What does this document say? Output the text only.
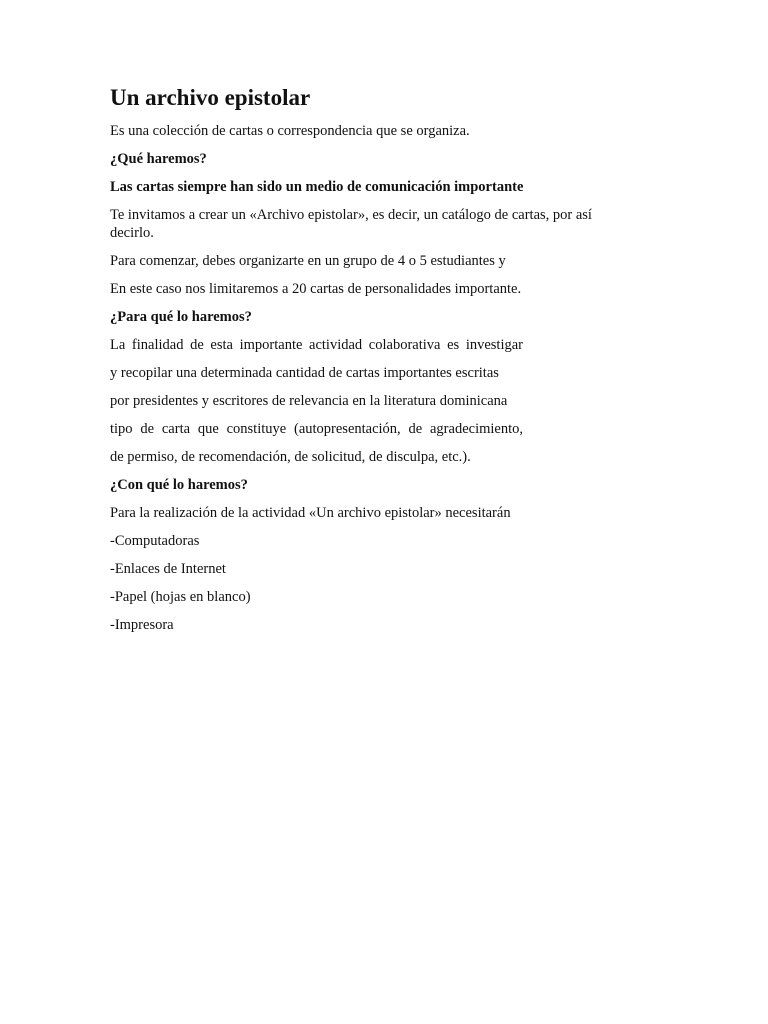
Un archivo epistolar

Es una colección de cartas o correspondencia que se organiza.

¿Qué haremos?

Las cartas siempre han sido un medio de comunicación importante

Te invitamos a crear un «Archivo epistolar», es decir, un catálogo de cartas, por así decirlo.

Para comenzar, debes organizarte en un grupo de 4 o 5 estudiantes y

En este caso nos limitaremos a 20 cartas de personalidades importante.

¿Para qué lo haremos?

La finalidad de esta importante actividad colaborativa es investigar

y recopilar una determinada cantidad de cartas importantes escritas

por presidentes y escritores de relevancia en la literatura dominicana

tipo de carta que constituye (autopresentación, de agradecimiento,

de permiso, de recomendación, de solicitud, de disculpa, etc.).

¿Con qué lo haremos?

Para la realización de la actividad «Un archivo epistolar» necesitarán

-Computadoras

-Enlaces de Internet

-Papel (hojas en blanco)

-Impresora
